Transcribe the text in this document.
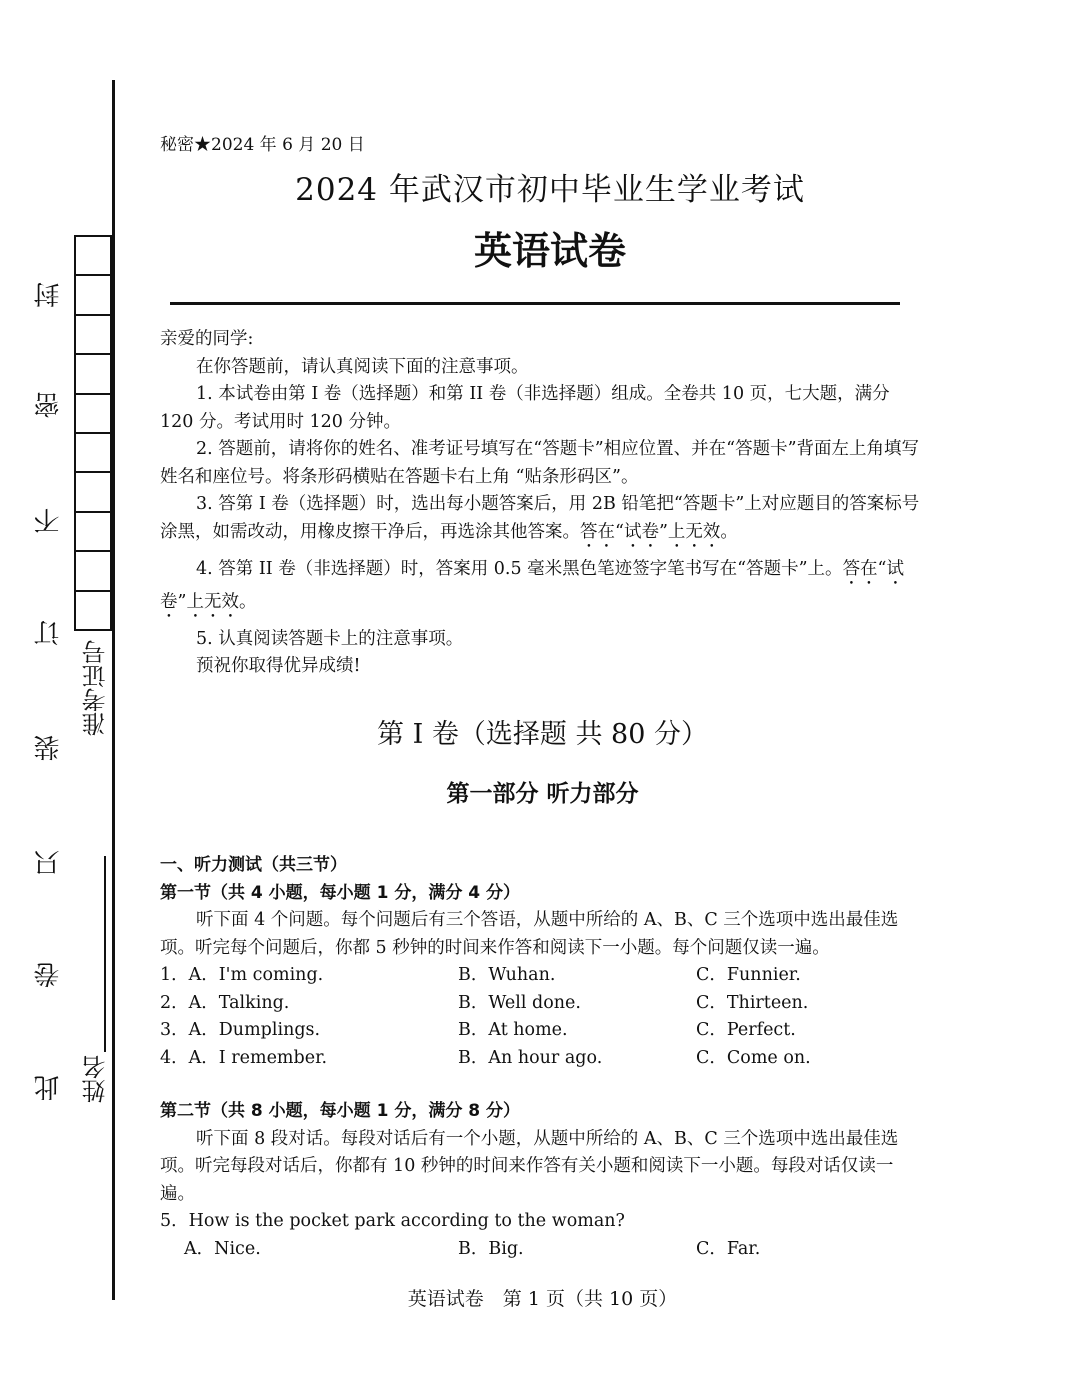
封
密
不
订
装
只
卷
此
准考证号
姓名
秘密★2024 年 6 月 20 日
2024 年武汉市初中毕业生学业考试
英语试卷

亲爱的同学:

在你答题前，请认真阅读下面的注意事项。

1. 本试卷由第 I 卷（选择题）和第 II 卷（非选择题）组成。全卷共 10 页，七大题，满分 120 分。考试用时 120 分钟。

2. 答题前，请将你的姓名、准考证号填写在“答题卡”相应位置、并在“答题卡”背面左上角填写姓名和座位号。将条形码横贴在答题卡右上角 “贴条形码区”。

3. 答第 I 卷（选择题）时，选出每小题答案后，用 2B 铅笔把“答题卡”上对应题目的答案标号涂黑，如需改动，用橡皮擦干净后，再选涂其他答案。答在“试卷”上无效。

4. 答第 II 卷（非选择题）时，答案用 0.5 毫米黑色笔迹签字笔书写在“答题卡”上。答在“试卷”上无效。

5. 认真阅读答题卡上的注意事项。

预祝你取得优异成绩!

第 I 卷（选择题 共 80 分）
第一部分 听力部分

一、听力测试（共三节）

第一节（共 4 小题，每小题 1 分，满分 4 分）

听下面 4 个问题。每个问题后有三个答语，从题中所给的 A、B、C 三个选项中选出最佳选项。听完每个问题后，你都 5 秒钟的时间来作答和阅读下一小题。每个问题仅读一遍。

1．A．I'm coming.	B．Wuhan.	C．Funnier.
2．A．Talking.	B．Well done.	C．Thirteen.
3．A．Dumplings.	B．At home.	C．Perfect.
4．A．I remember.	B．An hour ago.	C．Come on.

第二节（共 8 小题，每小题 1 分，满分 8 分）

听下面 8 段对话。每段对话后有一个小题，从题中所给的 A、B、C 三个选项中选出最佳选项。听完每段对话后，你都有 10 秒钟的时间来作答有关小题和阅读下一小题。每段对话仅读一遍。

5．How is the pocket park according to the woman?

A．Nice.	B．Big.	C．Far.
英语试卷　第 1 页（共 10 页）
